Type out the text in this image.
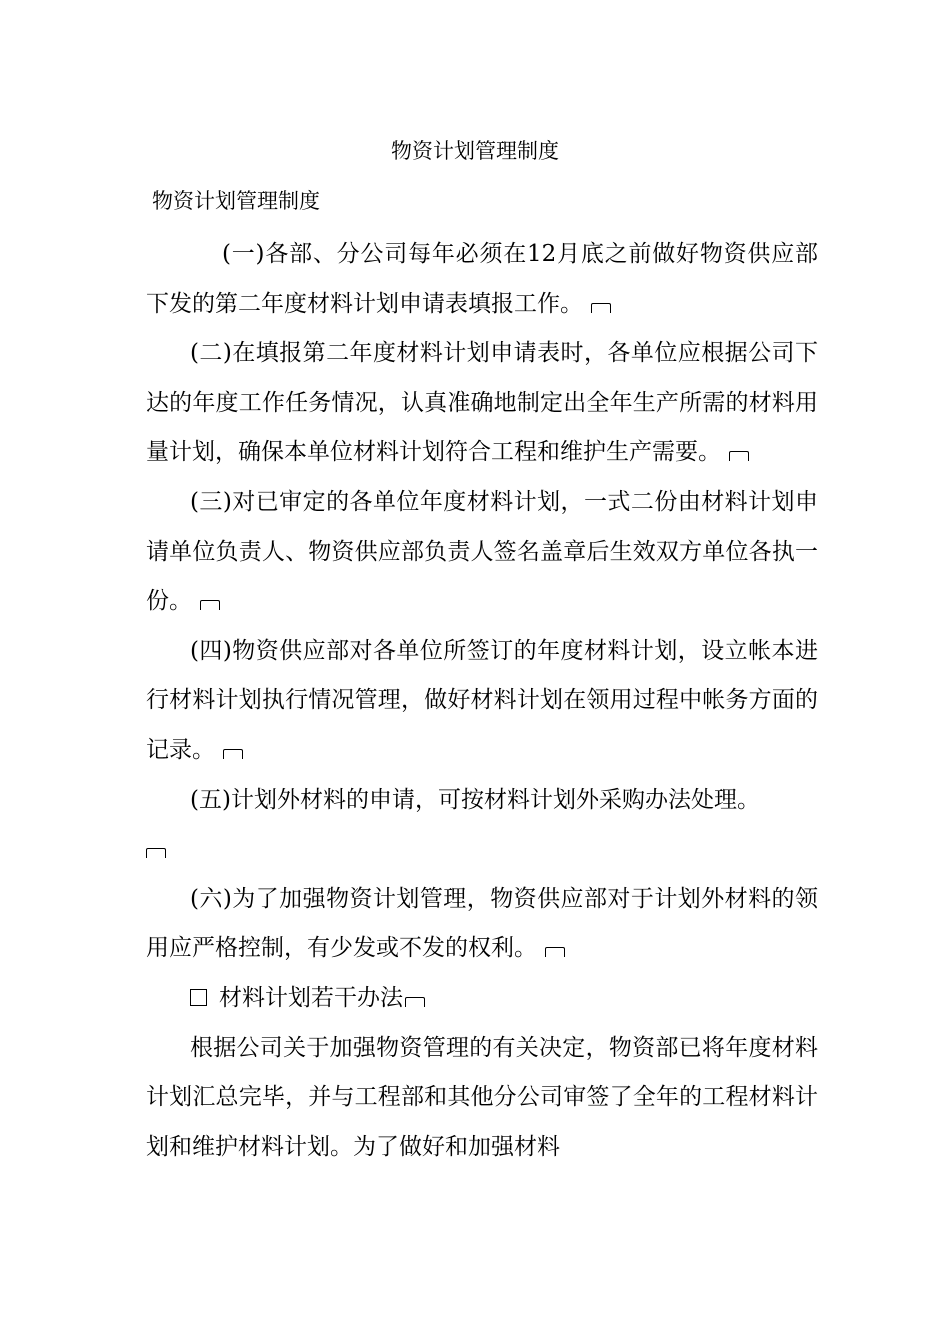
物资计划管理制度
物资计划管理制度

(一)各部、分公司每年必须在12月底之前做好物资供应部下发的第二年度材料计划申请表填报工作。

(二)在填报第二年度材料计划申请表时，各单位应根据公司下达的年度工作任务情况，认真准确地制定出全年生产所需的材料用量计划，确保本单位材料计划符合工程和维护生产需要。

(三)对已审定的各单位年度材料计划，一式二份由材料计划申请单位负责人、物资供应部负责人签名盖章后生效双方单位各执一份。

(四)物资供应部对各单位所签订的年度材料计划，设立帐本进行材料计划执行情况管理，做好材料计划在领用过程中帐务方面的记录。

(五)计划外材料的申请，可按材料计划外采购办法处理。

(六)为了加强物资计划管理，物资供应部对于计划外材料的领用应严格控制，有少发或不发的权利。

材料计划若干办法

根据公司关于加强物资管理的有关决定，物资部已将年度材料计划汇总完毕，并与工程部和其他分公司审签了全年的工程材料计划和维护材料计划。为了做好和加强材料
